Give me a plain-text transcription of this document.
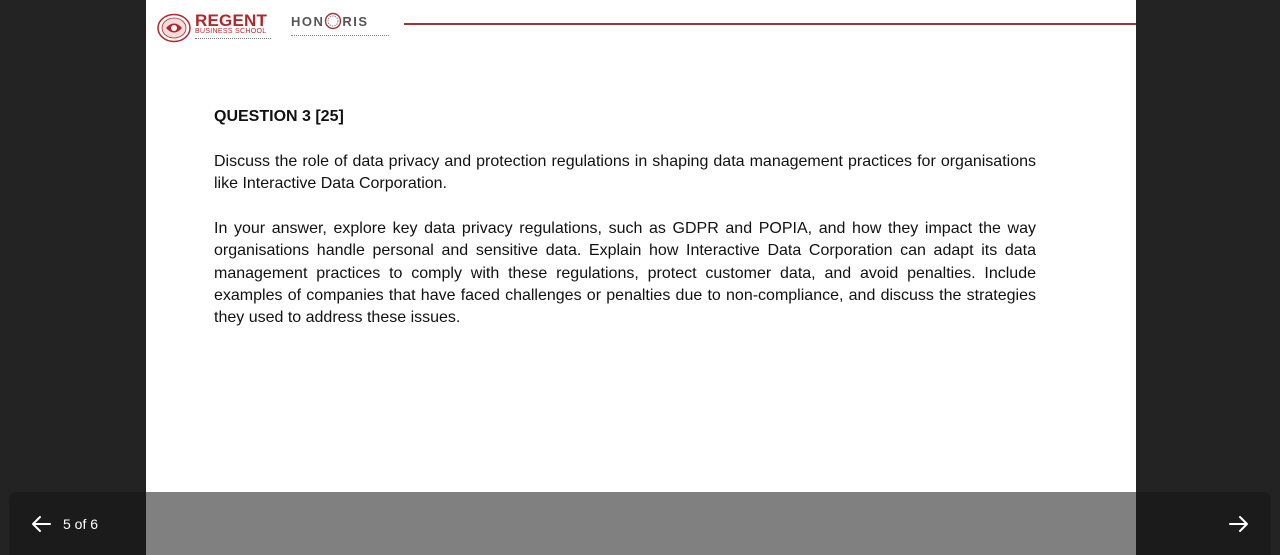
REGENT
BUSINESS SCHOOL
HON RIS
QUESTION 3 [25]

Discuss the role of data privacy and protection regulations in shaping data management practices for organisations like Interactive Data Corporation.

In your answer, explore key data privacy regulations, such as GDPR and POPIA, and how they impact the way organisations handle personal and sensitive data. Explain how Interactive Data Corporation can adapt its data management practices to comply with these regulations, protect customer data, and avoid penalties. Include examples of companies that have faced challenges or penalties due to non-compliance, and discuss the strategies they used to address these issues.

5 of 6
